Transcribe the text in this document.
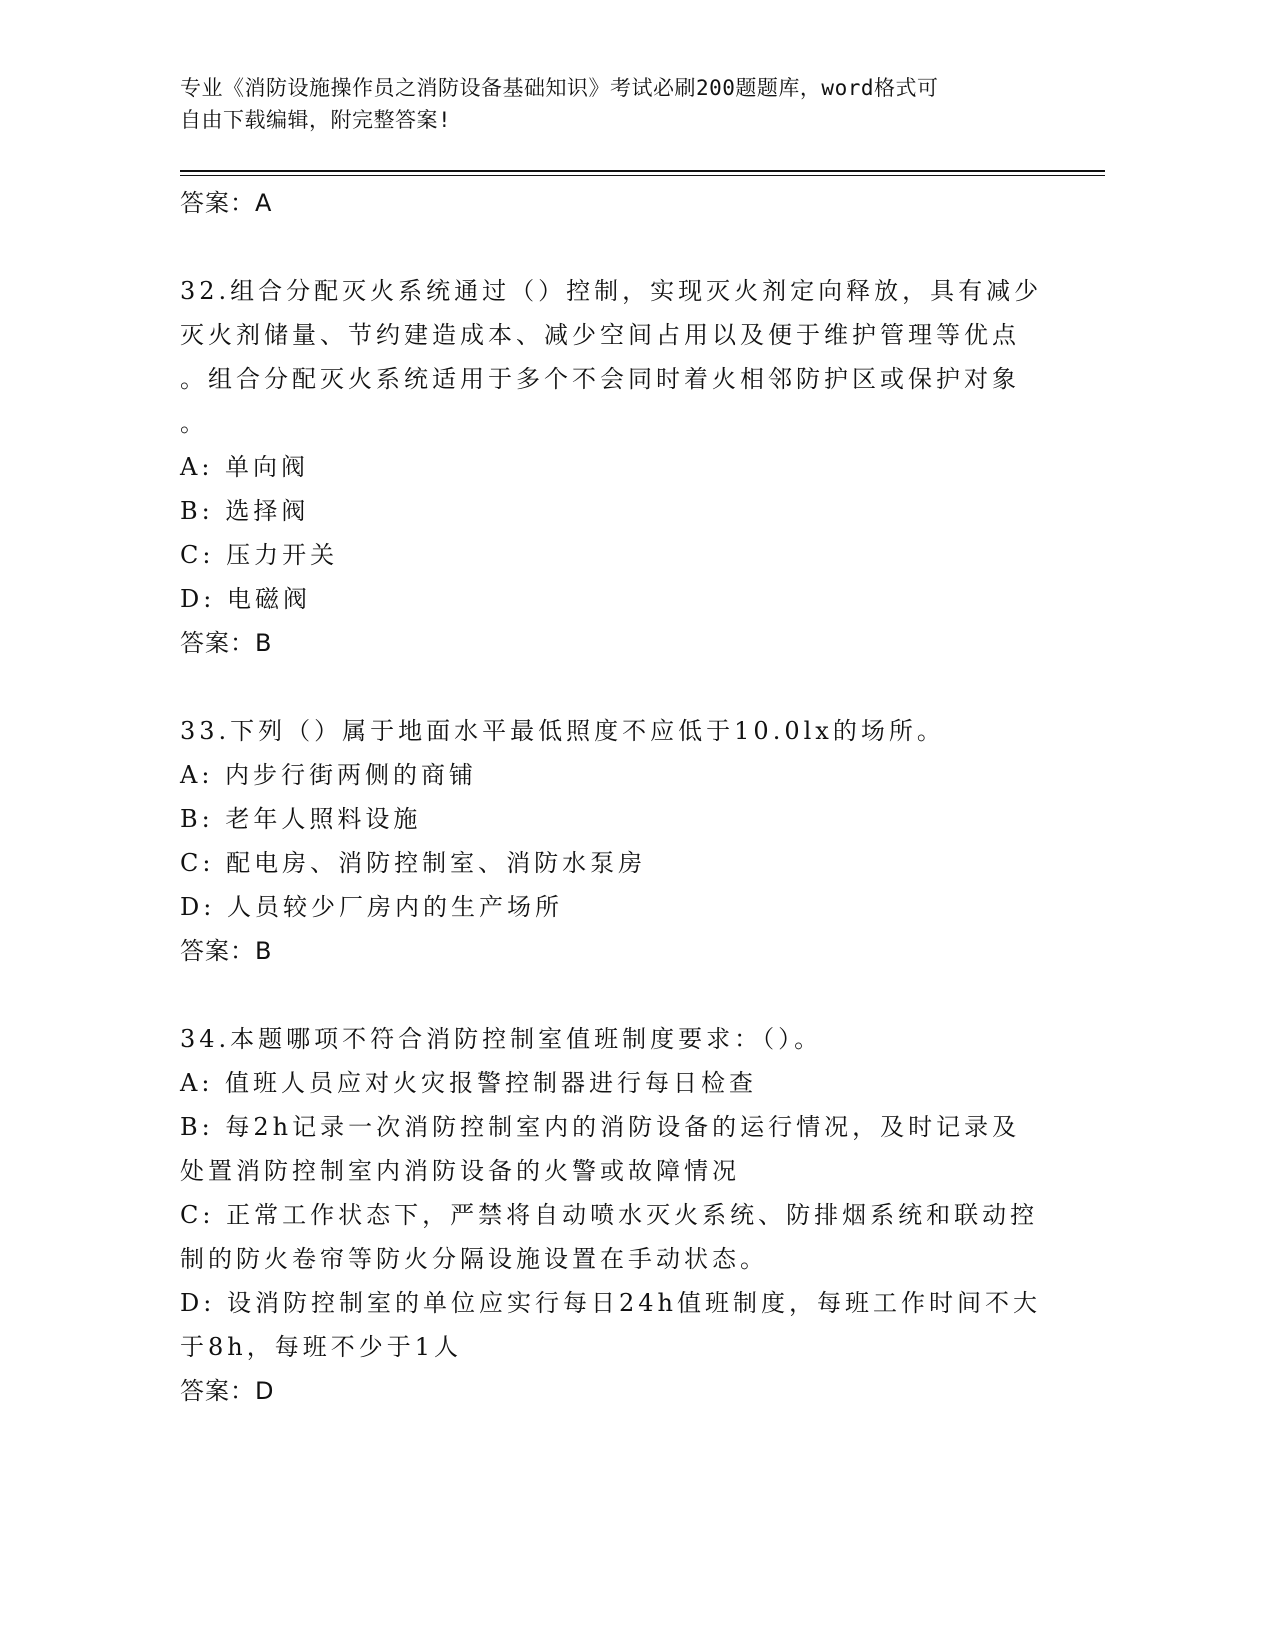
专业《消防设施操作员之消防设备基础知识》考试必刷200题题库，word格式可
自由下载编辑，附完整答案!
答案：A
32.组合分配灭火系统通过（）控制，实现灭火剂定向释放，具有减少
灭火剂储量、节约建造成本、减少空间占用以及便于维护管理等优点
。组合分配灭火系统适用于多个不会同时着火相邻防护区或保护对象
。
A: 单向阀
B: 选择阀
C: 压力开关
D: 电磁阀
答案：B
33.下列（）属于地面水平最低照度不应低于10.0lx的场所。
A: 内步行街两侧的商铺
B: 老年人照料设施
C: 配电房、消防控制室、消防水泵房
D: 人员较少厂房内的生产场所
答案：B
34.本题哪项不符合消防控制室值班制度要求：（）。
A: 值班人员应对火灾报警控制器进行每日检查
B: 每2h记录一次消防控制室内的消防设备的运行情况，及时记录及
处置消防控制室内消防设备的火警或故障情况
C: 正常工作状态下，严禁将自动喷水灭火系统、防排烟系统和联动控
制的防火卷帘等防火分隔设施设置在手动状态。
D: 设消防控制室的单位应实行每日24h值班制度，每班工作时间不大
于8h，每班不少于1人
答案：D
